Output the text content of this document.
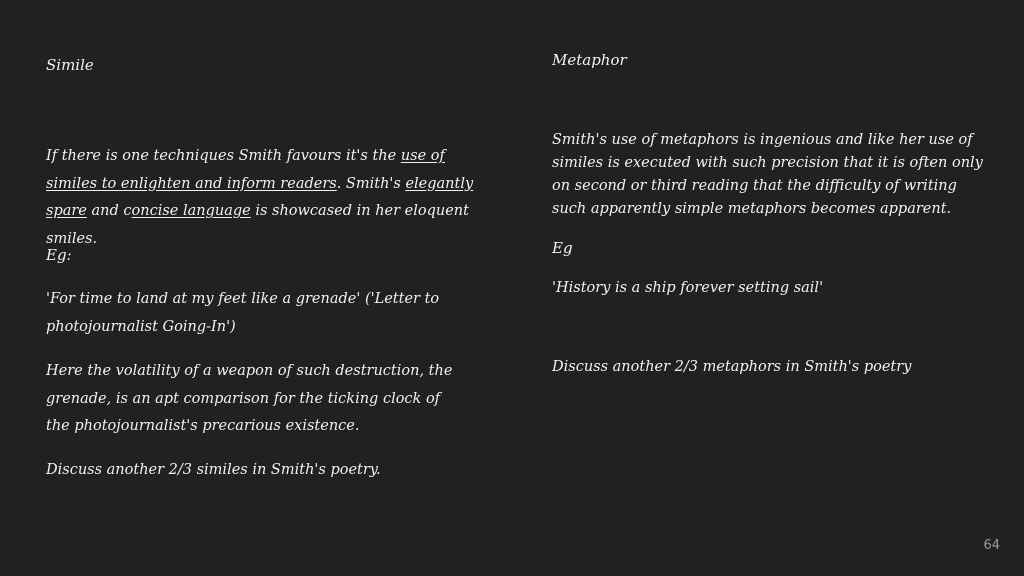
Simile

If there is one techniques Smith favours it's the use of similes to enlighten and inform readers. Smith's elegantly spare and concise language is showcased in her eloquent smiles.

Eg:

'For time to land at my feet like a grenade' ('Letter to photojournalist Going-In')

Here the volatility of a weapon of such destruction, the grenade, is an apt comparison for the ticking clock of the photojournalist's precarious existence.

Discuss another 2/3 similes in Smith's poetry.

Metaphor

Smith's use of metaphors is ingenious and like her use of similes is executed with such precision that it is often only on second or third reading that the difficulty of writing such apparently simple metaphors becomes apparent.

Eg

'History is a ship forever setting sail'

Discuss another 2/3 metaphors in Smith's poetry

64
